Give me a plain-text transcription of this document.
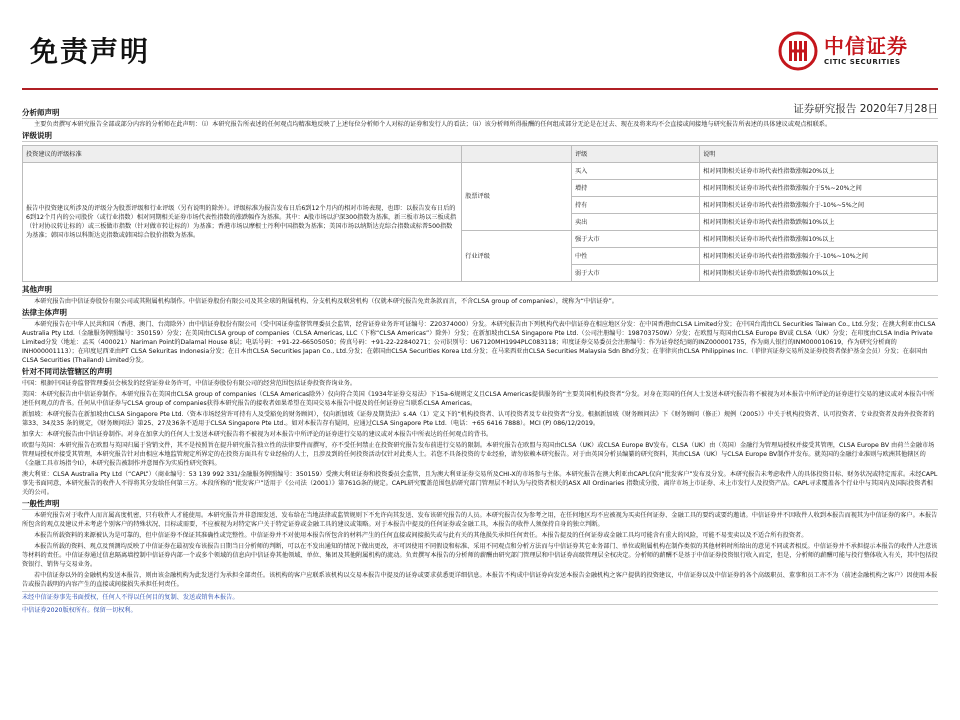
免责声明	中信证券
CITIC SECURITIES
证券研究报告 2020年7月28日
分析师声明
主要负责撰写本研究报告全部或部分内容的分析师在此声明：（i）本研究报告所表述的任何观点均精准地反映了上述每位分析师个人对标的证券和发行人的看法；（ii）该分析师所得报酬的任何组成部分无论是在过去、现在及将来均不会直接或间接地与研究报告所表述的具体建议或观点相联系。
评级说明
投资建议的评级标准		评级	说明
报告中投资建议所涉及的评级分为股票评级和行业评级（另有说明的除外）。评级标准为报告发布日后6到12个月内的相对市场表现，也即：以报告发布日后的6到12个月内的公司股价（或行业指数）相对同期相关证券市场代表性指数的涨跌幅作为基准。其中：A股市场以沪深300指数为基准，新三板市场以三板成指（针对协议转让标的）或三板做市指数（针对做市转让标的）为基准；香港市场以摩根士丹利中国指数为基准；美国市场以纳斯达克综合指数或标普500指数为基准；韩国市场以科斯达克指数或韩国综合股价指数为基准。	股票评级	买入	相对同期相关证券市场代表性指数涨幅20%以上
		增持	相对同期相关证券市场代表性指数涨幅介于5%~20%之间
		持有	相对同期相关证券市场代表性指数涨幅介于-10%~5%之间
		卖出	相对同期相关证券市场代表性指数跌幅10%以上
	行业评级	强于大市	相对同期相关证券市场代表性指数涨幅10%以上
		中性	相对同期相关证券市场代表性指数涨幅介于-10%~10%之间
		弱于大市	相对同期相关证券市场代表性指数跌幅10%以上
其他声明
本研究报告由中信证券股份有限公司或其附属机构制作。中信证券股份有限公司及其全球的附属机构、分支机构及联营机构（仅就本研究报告免责条款而言，不含CLSA group of companies），统称为“中信证券”。
法律主体声明
本研究报告在中华人民共和国（香港、澳门、台湾除外）由中信证券股份有限公司（受中国证券监督管理委员会监管，经营证券业务许可证编号：Z20374000）分发。本研究报告由下列机构代表中信证券在相应地区分发：在中国香港由CLSA Limited分发；在中国台湾由CL Securities Taiwan Co., Ltd.分发；在澳大利亚由CLSA Australia Pty Ltd.（金融服务牌照编号：350159）分发；在美国由CLSA group of companies（CLSA Americas, LLC（下称“CLSA Americas”）除外）分发；在新加坡由CLSA Singapore Pte Ltd.（公司注册编号：198703750W）分发；在欧盟与英国由CLSA Europe BV或 CLSA（UK）分发；在印度由CLSA India Private Limited分发（地址：孟买（400021）Nariman Point的Dalamal House 8层；电话号码：+91-22-66505050；传真号码：+91-22-22840271；公司识别号：U67120MH1994PLC083118；印度证券交易委员会注册编号：作为证券经纪商的INZ000001735，作为商人银行的INM000010619，作为研究分析商的INH000001113）；在印度尼西亚由PT CLSA Sekuritas Indonesia分发；在日本由CLSA Securities Japan Co., Ltd.分发；在韩国由CLSA Securities Korea Ltd.分发；在马来西亚由CLSA Securities Malaysia Sdn Bhd分发；在菲律宾由CLSA Philippines Inc.（菲律宾证券交易所及证券投资者保护基金会员）分发；在泰国由CLSA Securities (Thailand) Limited分发。
针对不同司法管辖区的声明
中国：根据中国证券监督管理委员会核发的经营证券业务许可，中信证券股份有限公司的经营范围包括证券投资咨询业务。
美国：本研究报告由中信证券制作。本研究报告在美国由CLSA group of companies（CLSA Americas除外）仅向符合美国《1934年证券交易法》下15a-6规则定义且CLSA Americas提供服务的“主要美国机构投资者”分发。对身在美国的任何人士发送本研究报告将不被视为对本报告中所评论的证券进行交易的建议或对本报告中所述任何观点的背书。任何从中信证券与CLSA group of companies获得本研究报告的接收者如果希望在美国交易本报告中提及的任何证券应当联系CLSA Americas。
新加坡：本研究报告在新加坡由CLSA Singapore Pte Ltd.（资本市场经营许可持有人及受豁免的财务顾问），仅向新加坡《证券及期货法》s.4A（1）定义下的“机构投资者、认可投资者及专业投资者”分发。根据新加坡《财务顾问法》下《财务顾问（修正）规例（2005）》中关于机构投资者、认可投资者、专业投资者及海外投资者的第33、34及35 条的规定，《财务顾问法》第25、27及36条不适用于CLSA Singapore Pte Ltd.。如对本报告存有疑问，应通过CLSA Singapore Pte Ltd.（电话：+65 6416 7888）。MCI (P) 086/12/2019。
加拿大：本研究报告由中信证券制作。对身在加拿大的任何人士发送本研究报告将不被视为对本报告中所评论的证券进行交易的建议或对本报告中所表达的任何观点的背书。
欧盟与英国：本研究报告在欧盟与英国归属于营销文件，其不是按照旨在提升研究报告独立性的法律要件而撰写，亦不受任何禁止在投资研究报告发布前进行交易的限制。本研究报告在欧盟与英国由CLSA（UK）或CLSA Europe BV发布。CLSA（UK）由（英国）金融行为管理局授权并接受其管理，CLSA Europe BV 由荷兰金融市场管理局授权并接受其管理，本研究报告针对由相应本地监管规定所界定的在投资方面具有专业经验的人士，且涉及到的任何投资活动仅针对此类人士。若您不具备投资的专业经验，请勿依赖本研究报告。对于由英国分析员编纂的研究资料，其由CLSA（UK）与CLSA Europe BV制作并发布。就英国的金融行业准则与欧洲其他辖区的《金融工具市场指令II》，本研究报告被制作并意图作为实质性研究资料。
澳大利亚：CLSA Australia Pty Ltd（“CAPL”）（商业编号：53 139 992 331/金融服务牌照编号：350159）受澳大利亚证券和投资委员会监管，且为澳大利亚证券交易所及CHI-X的市场参与主体。本研究报告在澳大利亚由CAPL仅向“批发客户”发布及分发。本研究报告未考虑收件人的具体投资目标、财务状况或特定需求。未经CAPL事先书面同意，本研究报告的收件人不得将其分发给任何第三方。本段所称的“批发客户”适用于《公司法（2001）》第761G条的规定。CAPL研究覆盖范围包括研究部门管理层不时认为与投资者相关的ASX All Ordinaries 指数成分股、离岸市场上市证券、未上市发行人及投资产品。CAPL寻求覆盖各个行业中与其国内及国际投资者相关的公司。
一般性声明
本研究报告对于收件人而言属高度机密，只有收件人才能使用。本研究报告并非意图发送、发布给在当地法律或监管规则下不允许向其发送、发布该研究报告的人员。本研究报告仅为参考之用，在任何地区均不应被视为买卖任何证券、金融工具的要约或要约邀请。中信证券并不因收件人收到本报告而视其为中信证券的客户。本报告所包含的观点及建议并未考虑个别客户的特殊状况、目标或需要，不应被视为对特定客户关于特定证券或金融工具的建议或策略。对于本报告中提及的任何证券或金融工具，本报告的收件人须保持自身的独立判断。
本报告所载资料的来源被认为是可靠的，但中信证券不保证其准确性或完整性。中信证券并不对使用本报告所包含的材料产生的任何直接或间接损失或与此有关的其他损失承担任何责任。本报告提及的任何证券或金融工具均可能含有重大的风险，可能不易变卖以及不适合所有投资者。
本报告所载的资料、观点及预测均反映了中信证券在最初发布该报告日期当日分析师的判断，可以在不发出通知的情况下做出更改，亦可因使用不同假设和标准、采用不同观点和分析方法而与中信证券其它业务部门、单位或附属机构在制作类似的其他材料时所给出的意见不同或者相反。中信证券并不承担提示本报告的收件人注意该等材料的责任。中信证券通过信息隔离墙控制中信证券内部一个或多个领域的信息向中信证券其他领域、单位、集团及其他附属机构的流动。负责撰写本报告的分析师的薪酬由研究部门管理层和中信证券高级管理层全权决定。分析师的薪酬不是基于中信证券投资银行收入而定，但是，分析师的薪酬可能与投行整体收入有关，其中包括投资银行、销售与交易业务。
若中信证券以外的金融机构发送本报告，则由该金融机构为此发送行为承担全部责任。该机构的客户应联系该机构以交易本报告中提及的证券或要求获悉更详细信息。本报告不构成中信证券向发送本报告金融机构之客户提供的投资建议，中信证券以及中信证券的各个高级职员、董事和员工亦不为（前述金融机构之客户）因使用本报告或报告载明的内容产生的直接或间接损失承担任何责任。
未经中信证券事先书面授权，任何人不得以任何目的复制、发送或销售本报告。
中信证券2020版权所有。保留一切权利。
